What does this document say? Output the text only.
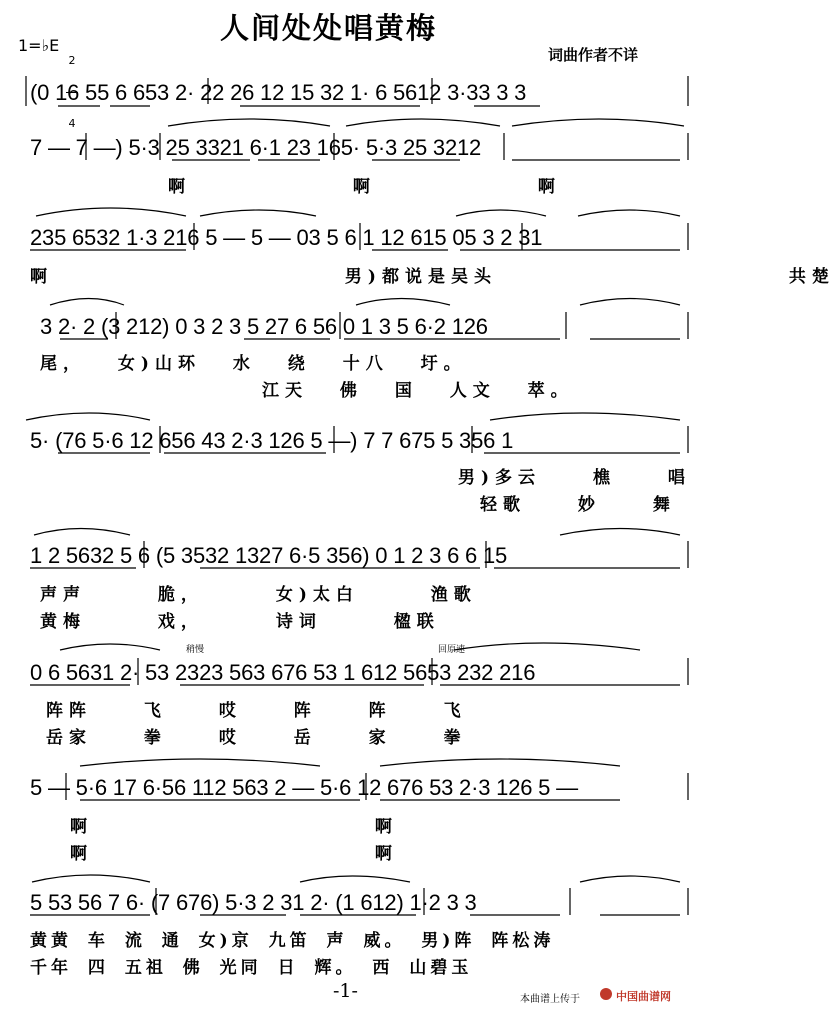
人间处处唱黄梅
词曲作者不详
1=♭E

2

4

(0 16 55 6 653 2· 22 26 12 15 32 1· 6 5612 3·33 3 3
7 — 7 —) 5·3 25 3321 6·1 23 165· 5·3 25 3212
啊 啊 啊
235 6532 1·3 216 5 — 5 — 03 5 6 1 12 615 05 3 2 31
啊 男)都说是吴头 共楚
3 2· 2 (3 212) 0 3 2 3 5 27 6 56 0 1 3 5 6·2 126
尾， 女)山环 水 绕 十八 圩。
江天 佛 国 人文 萃。
5· (76 5·6 12 656 43 2·3 126 5 —) 7 7 675 5 356 1
男)多云 樵 唱
轻歌 妙 舞
1 2 5632 5 6 (5 3532 1327 6·5 356) 0 1 2 3 6 6 15
声声 脆， 女)太白 渔歌
黄梅 戏， 诗词 楹联
稍慢	回原速
0 6 5631 2· 53 2323 563 676 53 1 612 5653 232 216
阵阵 飞 哎 阵 阵 飞
岳家 拳 哎 岳 家 拳
5 — 5·6 17 6·56 112 563 2 — 5·6 12 676 53 2·3 126 5 —
啊 啊
啊 啊
5 53 56 7 6· (7 676) 5·3 2 31 2· (1 612) 1·2 3 3
黄黄 车 流 通 女)京 九笛 声 威。 男)阵 阵松涛
千年 四 五祖 佛 光同 日 辉。 西 山碧玉
-1-	本曲谱上传于	中国曲谱网
